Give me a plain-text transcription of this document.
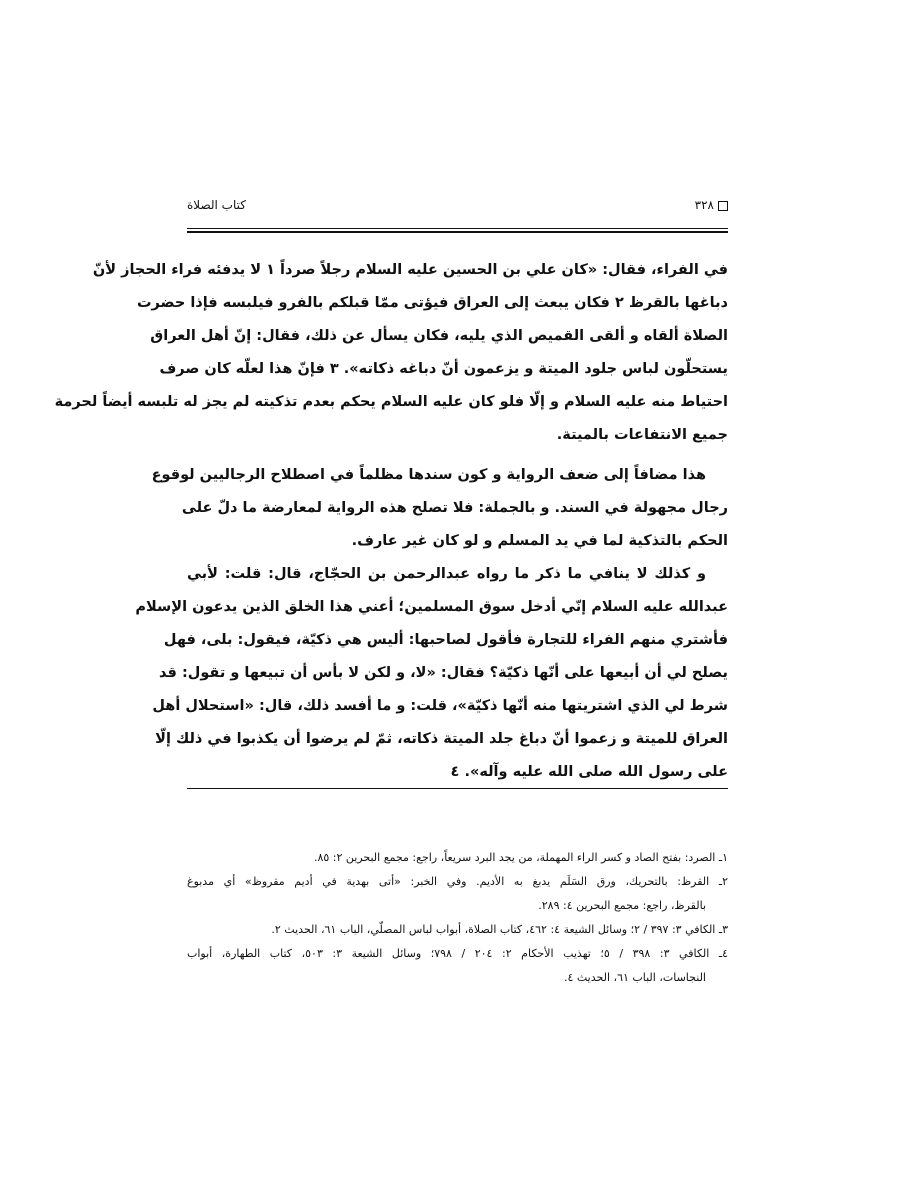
٣٢٨
كتاب الصلاة
في الفراء، فقال: «كان علي بن الحسين عليه السلام رجلاً صرداً ١ لا يدفئه فراء الحجاز لأنّ
دباغها بالقرظ ٢ فكان يبعث إلى العراق فيؤتى ممّا قبلكم بالفرو فيلبسه فإذا حضرت
الصلاة ألقاه و ألقى القميص الذي يليه، فكان يسأل عن ذلك، فقال: إنّ أهل العراق
يستحلّون لباس جلود الميتة و يزعمون أنّ دباغه ذكاته». ٣ فإنّ هذا لعلّه كان صرف
احتياط منه عليه السلام و إلّا فلو كان عليه السلام يحكم بعدم تذكيته لم يجز له تلبسه أيضاً لحرمة
جميع الانتفاعات بالميتة.
هذا مضافاً إلى ضعف الرواية و كون سندها مظلماً في اصطلاح الرجاليين لوقوع
رجال مجهولة في السند. و بالجملة: فلا تصلح هذه الرواية لمعارضة ما دلّ على
الحكم بالتذكية لما في يد المسلم و لو كان غير عارف.
و كذلك لا ينافي ما ذكر ما رواه عبدالرحمن بن الحجّاج، قال: قلت: لأبي
عبدالله عليه السلام إنّي أدخل سوق المسلمين؛ أعني هذا الخلق الذين يدعون الإسلام
فأشتري منهم الفراء للتجارة فأقول لصاحبها: أليس هي ذكيّة، فيقول: بلى، فهل
يصلح لي أن أبيعها على أنّها ذكيّة؟ فقال: «لا، و لكن لا بأس أن تبيعها و تقول: قد
شرط لي الذي اشتريتها منه أنّها ذكيّة»، قلت: و ما أفسد ذلك، قال: «استحلال أهل
العراق للميتة و زعموا أنّ دباغ جلد الميتة ذكاته، ثمّ لم يرضوا أن يكذبوا في ذلك إلّا
على رسول الله صلى الله عليه وآله». ٤
١ـ الصرد: بفتح الصاد و كسر الراء المهملة، من يجد البرد سريعاً، راجع: مجمع البحرين ٢: ٨٥.
٢ـ القرظ: بالتحريك، ورق السَلَم يدبغ به الأديم. وفي الخبر: «أتى بهدية في أديم مقروظ» أي مدبوغ
بالقرظ، راجع: مجمع البحرين ٤: ٢٨٩.
٣ـ الكافي ٣: ٣٩٧ / ٢؛ وسائل الشيعة ٤: ٤٦٢، كتاب الصلاة، أبواب لباس المصلّي، الباب ٦١، الحديث ٢.
٤ـ الكافي ٣: ٣٩٨ / ٥؛ تهذيب الأحكام ٢: ٢٠٤ / ٧٩٨؛ وسائل الشيعة ٣: ٥٠٣، كتاب الطهارة، أبواب
النجاسات، الباب ٦١، الحديث ٤.
